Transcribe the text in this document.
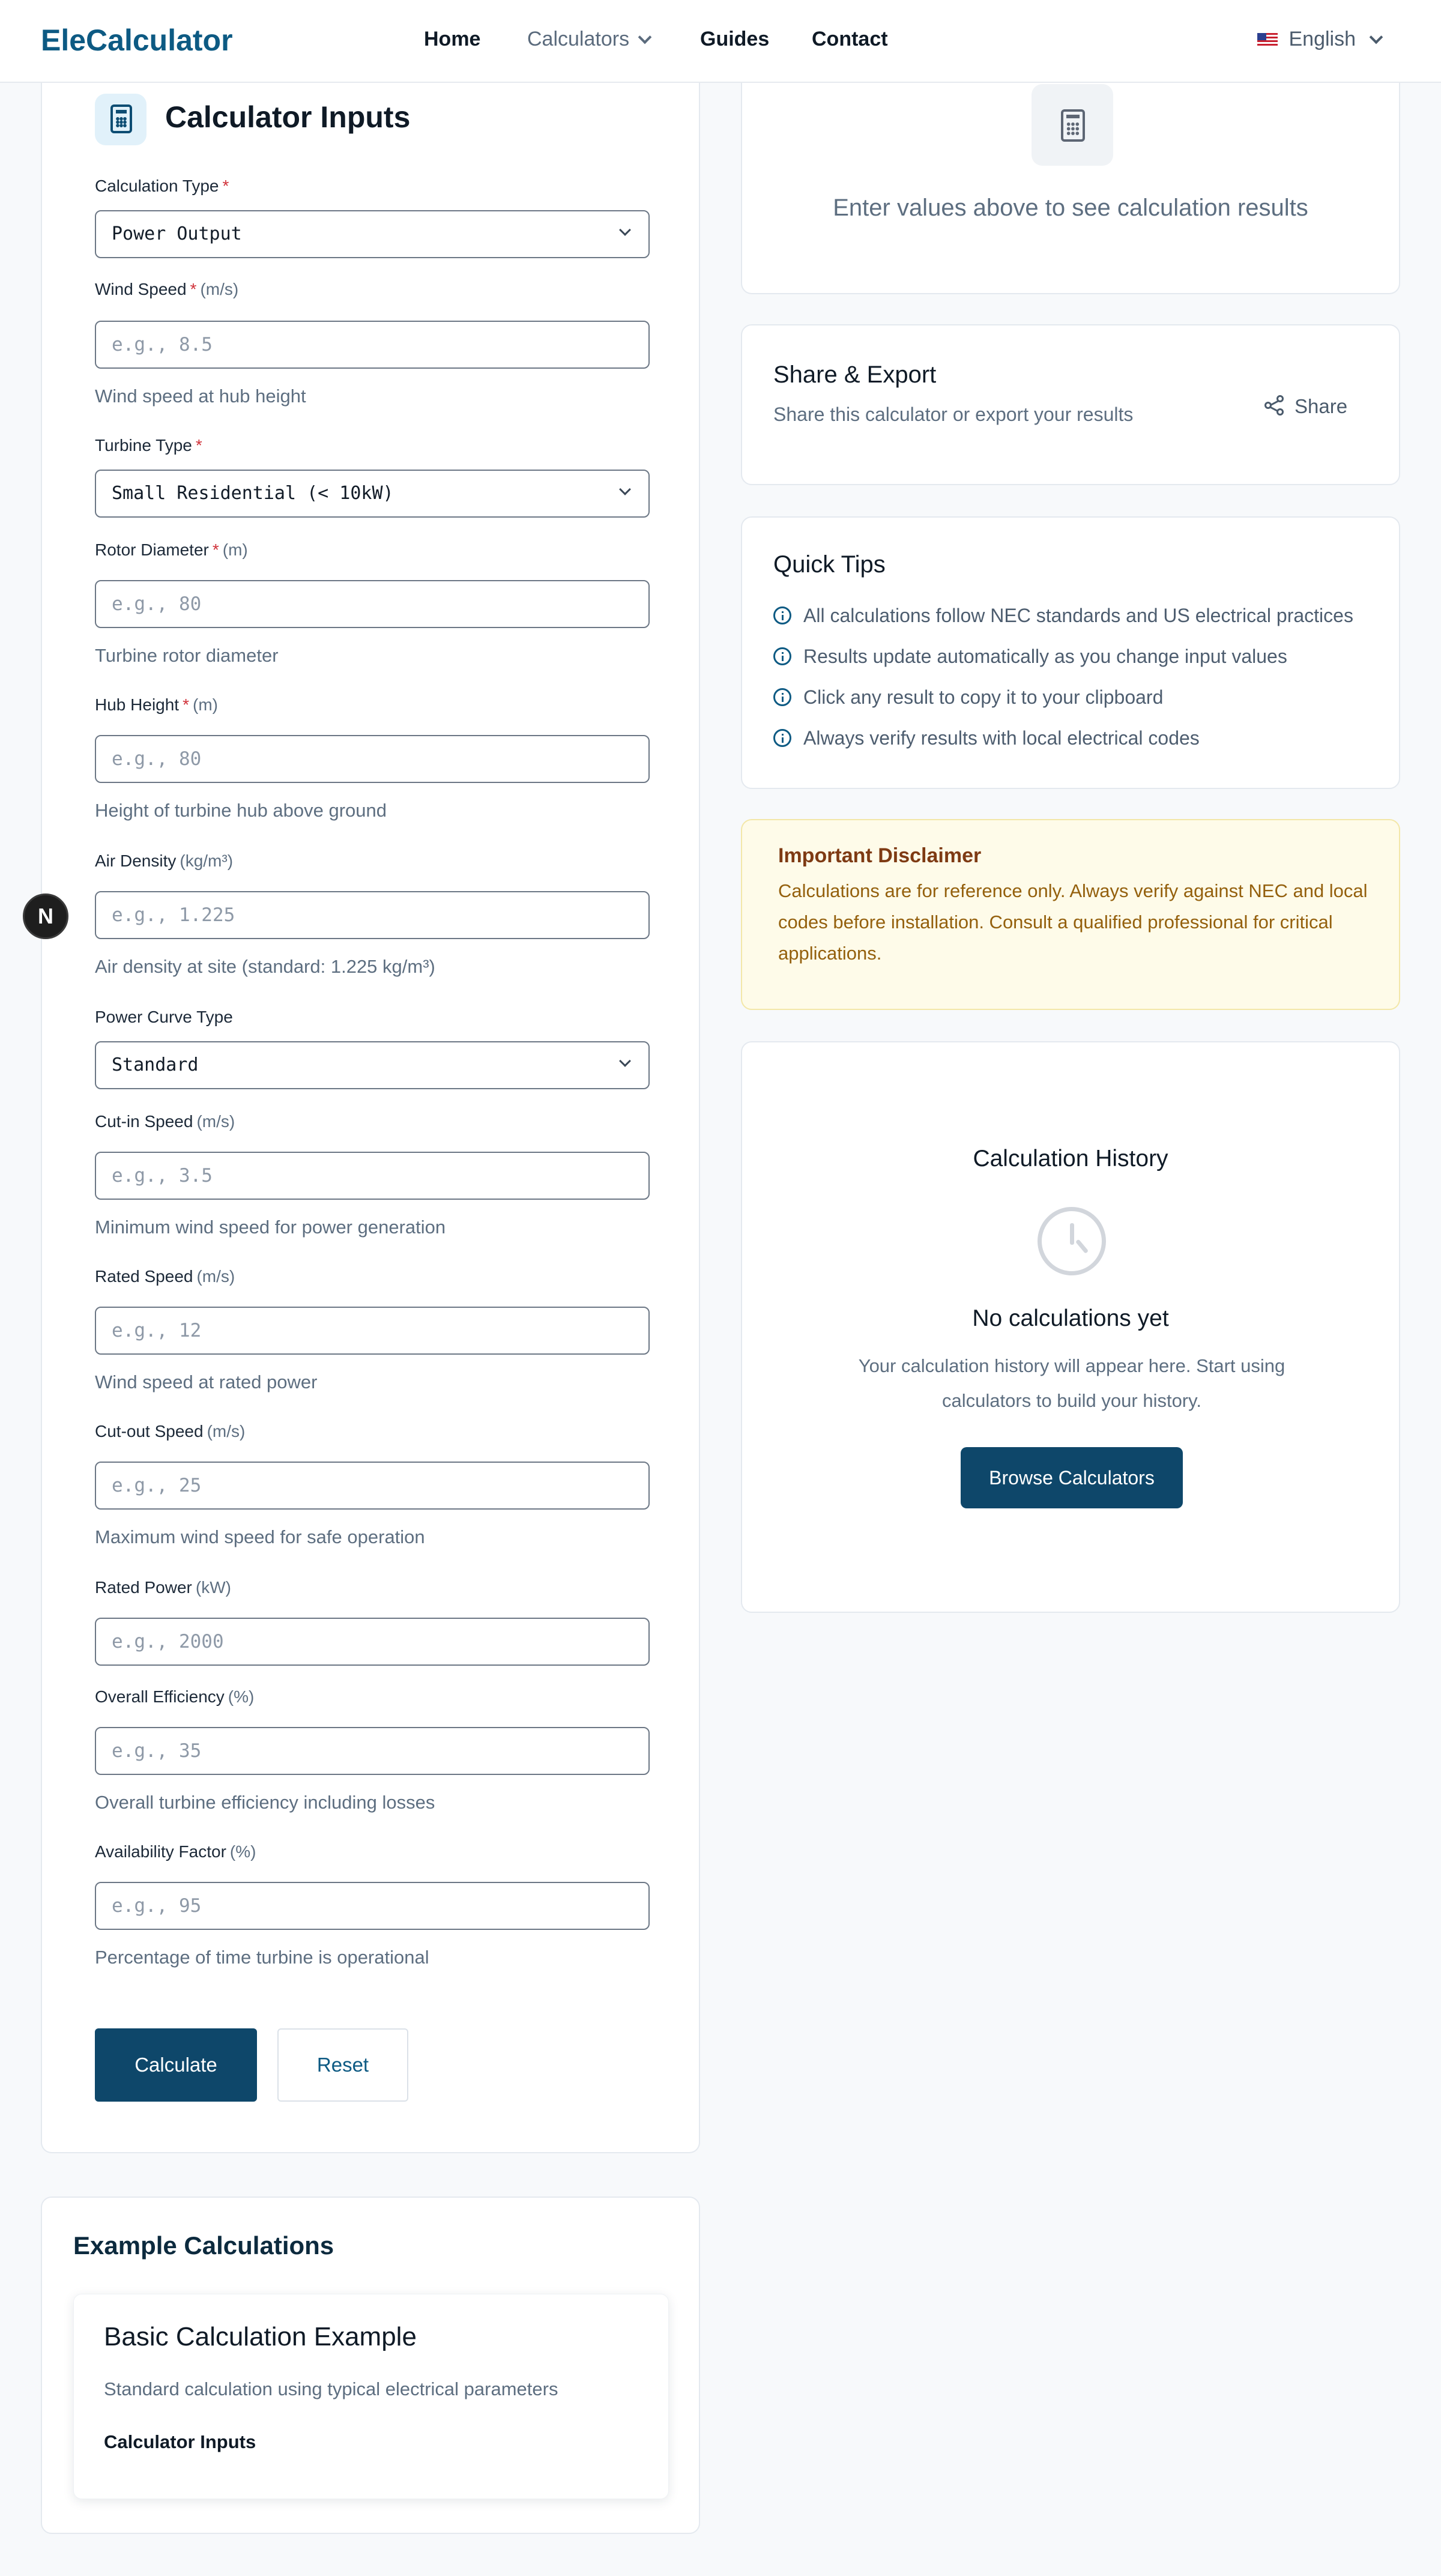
EleCalculator	Home Calculators	Guides Contact	English
Calculator Inputs
Calculation Type *
Power Output
Wind Speed * (m/s)
e.g., 8.5
Wind speed at hub height
Turbine Type *
Small Residential (< 10kW)
Rotor Diameter * (m)
e.g., 80
Turbine rotor diameter
Hub Height * (m)
e.g., 80
Height of turbine hub above ground
Air Density (kg/m³)
e.g., 1.225
Air density at site (standard: 1.225 kg/m³)
Power Curve Type
Standard
Cut-in Speed (m/s)
e.g., 3.5
Minimum wind speed for power generation
Rated Speed (m/s)
e.g., 12
Wind speed at rated power
Cut-out Speed (m/s)
e.g., 25
Maximum wind speed for safe operation
Rated Power (kW)
e.g., 2000
Overall Efficiency (%)
e.g., 35
Overall turbine efficiency including losses
Availability Factor (%)
e.g., 95
Percentage of time turbine is operational
Calculate	Reset
Example Calculations
Basic Calculation Example
Standard calculation using typical electrical parameters
Calculator Inputs
Enter values above to see calculation results
Share & Export
Share this calculator or export your results	Share
Quick Tips
All calculations follow NEC standards and US electrical practices
Results update automatically as you change input values
Click any result to copy it to your clipboard
Always verify results with local electrical codes
Important Disclaimer
Calculations are for reference only. Always verify against NEC and local codes before installation. Consult a qualified professional for critical applications.
Calculation History
No calculations yet
Your calculation history will appear here. Start using calculators to build your history.
Browse Calculators
N
